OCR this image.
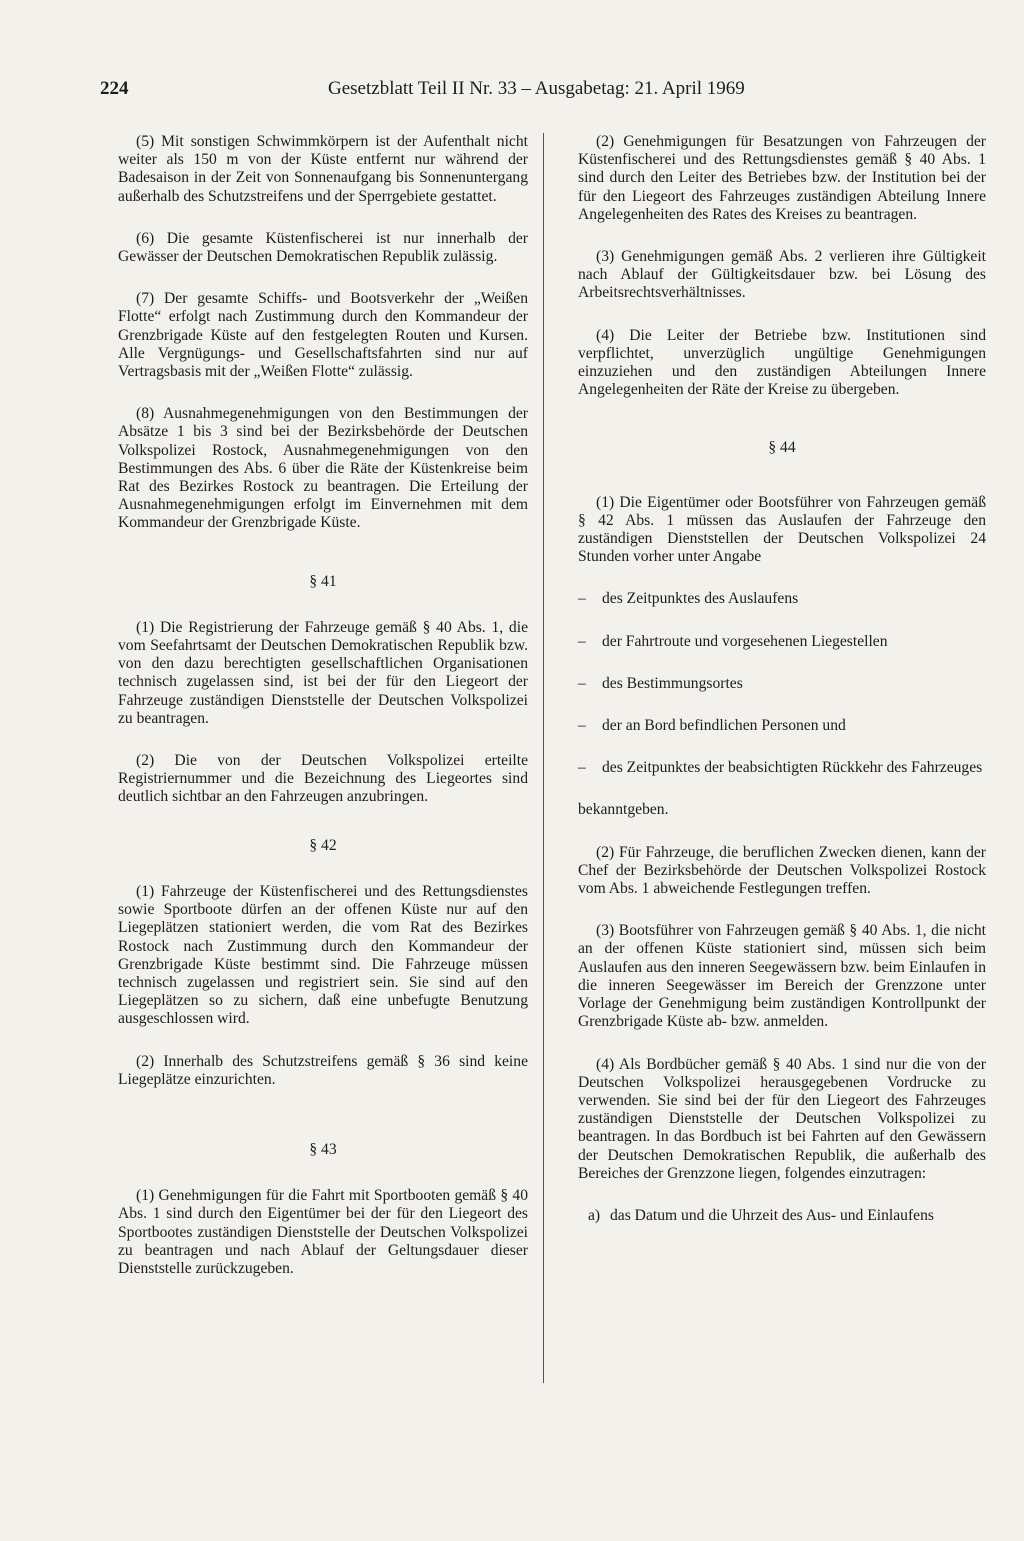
224	Gesetzblatt Teil II Nr. 33 – Ausgabetag: 21. April 1969

(5) Mit sonstigen Schwimmkörpern ist der Aufenthalt nicht weiter als 150 m von der Küste entfernt nur während der Badesaison in der Zeit von Sonnenaufgang bis Sonnenuntergang außerhalb des Schutzstreifens und der Sperrgebiete gestattet.

(6) Die gesamte Küstenfischerei ist nur innerhalb der Gewässer der Deutschen Demokratischen Republik zulässig.

(7) Der gesamte Schiffs- und Bootsverkehr der „Weißen Flotte“ erfolgt nach Zustimmung durch den Kommandeur der Grenzbrigade Küste auf den festgelegten Routen und Kursen. Alle Vergnügungs- und Gesellschaftsfahrten sind nur auf Vertragsbasis mit der „Weißen Flotte“ zulässig.

(8) Ausnahmegenehmigungen von den Bestimmungen der Absätze 1 bis 3 sind bei der Bezirksbehörde der Deutschen Volkspolizei Rostock, Ausnahmegenehmigungen von den Bestimmungen des Abs. 6 über die Räte der Küstenkreise beim Rat des Bezirkes Rostock zu beantragen. Die Erteilung der Ausnahmegenehmigungen erfolgt im Einvernehmen mit dem Kommandeur der Grenzbrigade Küste.

§ 41

(1) Die Registrierung der Fahrzeuge gemäß § 40 Abs. 1, die vom Seefahrtsamt der Deutschen Demokratischen Republik bzw. von den dazu berechtigten gesellschaftlichen Organisationen technisch zugelassen sind, ist bei der für den Liegeort der Fahrzeuge zuständigen Dienststelle der Deutschen Volkspolizei zu beantragen.

(2) Die von der Deutschen Volkspolizei erteilte Registriernummer und die Bezeichnung des Liegeortes sind deutlich sichtbar an den Fahrzeugen anzubringen.

§ 42

(1) Fahrzeuge der Küstenfischerei und des Rettungsdienstes sowie Sportboote dürfen an der offenen Küste nur auf den Liegeplätzen stationiert werden, die vom Rat des Bezirkes Rostock nach Zustimmung durch den Kommandeur der Grenzbrigade Küste bestimmt sind. Die Fahrzeuge müssen technisch zugelassen und registriert sein. Sie sind auf den Liegeplätzen so zu sichern, daß eine unbefugte Benutzung ausgeschlossen wird.

(2) Innerhalb des Schutzstreifens gemäß § 36 sind keine Liegeplätze einzurichten.

§ 43

(1) Genehmigungen für die Fahrt mit Sportbooten gemäß § 40 Abs. 1 sind durch den Eigentümer bei der für den Liegeort des Sportbootes zuständigen Dienststelle der Deutschen Volkspolizei zu beantragen und nach Ablauf der Geltungsdauer dieser Dienststelle zurückzugeben.

(2) Genehmigungen für Besatzungen von Fahrzeugen der Küstenfischerei und des Rettungsdienstes gemäß § 40 Abs. 1 sind durch den Leiter des Betriebes bzw. der Institution bei der für den Liegeort des Fahrzeuges zuständigen Abteilung Innere Angelegenheiten des Rates des Kreises zu beantragen.

(3) Genehmigungen gemäß Abs. 2 verlieren ihre Gültigkeit nach Ablauf der Gültigkeitsdauer bzw. bei Lösung des Arbeitsrechtsverhältnisses.

(4) Die Leiter der Betriebe bzw. Institutionen sind verpflichtet, unverzüglich ungültige Genehmigungen einzuziehen und den zuständigen Abteilungen Innere Angelegenheiten der Räte der Kreise zu übergeben.

§ 44

(1) Die Eigentümer oder Bootsführer von Fahrzeugen gemäß § 42 Abs. 1 müssen das Auslaufen der Fahrzeuge den zuständigen Dienststellen der Deutschen Volkspolizei 24 Stunden vorher unter Angabe

–	des Zeitpunktes des Auslaufens
–	der Fahrtroute und vorgesehenen Liegestellen
–	des Bestimmungsortes
–	der an Bord befindlichen Personen und
–	des Zeitpunktes der beabsichtigten Rückkehr des Fahrzeuges

bekanntgeben.

(2) Für Fahrzeuge, die beruflichen Zwecken dienen, kann der Chef der Bezirksbehörde der Deutschen Volkspolizei Rostock vom Abs. 1 abweichende Festlegungen treffen.

(3) Bootsführer von Fahrzeugen gemäß § 40 Abs. 1, die nicht an der offenen Küste stationiert sind, müssen sich beim Auslaufen aus den inneren Seegewässern bzw. beim Einlaufen in die inneren Seegewässer im Bereich der Grenzzone unter Vorlage der Genehmigung beim zuständigen Kontrollpunkt der Grenzbrigade Küste ab- bzw. anmelden.

(4) Als Bordbücher gemäß § 40 Abs. 1 sind nur die von der Deutschen Volkspolizei herausgegebenen Vordrucke zu verwenden. Sie sind bei der für den Liegeort des Fahrzeuges zuständigen Dienststelle der Deutschen Volkspolizei zu beantragen. In das Bordbuch ist bei Fahrten auf den Gewässern der Deutschen Demokratischen Republik, die außerhalb des Bereiches der Grenzzone liegen, folgendes einzutragen:

a) das Datum und die Uhrzeit des Aus- und Einlaufens
